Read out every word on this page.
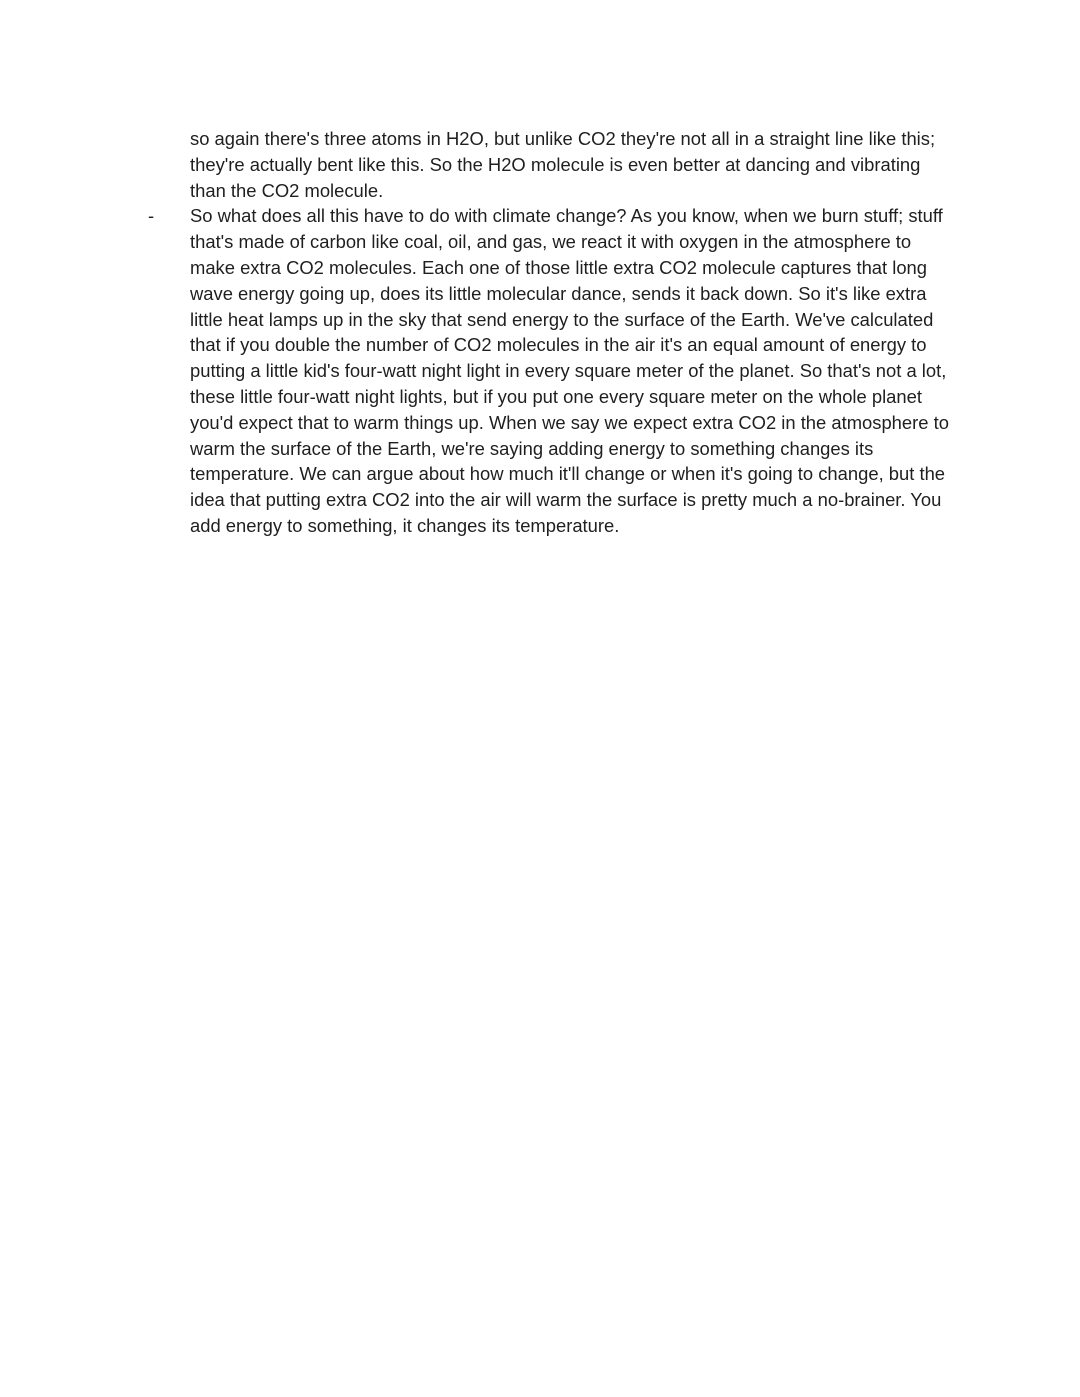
so again there's three atoms in H2O, but unlike CO2 they're not all in a straight line like this; they're actually bent like this. So the H2O molecule is even better at dancing and vibrating than the CO2 molecule.

-	So what does all this have to do with climate change? As you know, when we burn stuff; stuff that's made of carbon like coal, oil, and gas, we react it with oxygen in the atmosphere to make extra CO2 molecules. Each one of those little extra CO2 molecule captures that long wave energy going up, does its little molecular dance, sends it back down. So it's like extra little heat lamps up in the sky that send energy to the surface of the Earth. We've calculated that if you double the number of CO2 molecules in the air it's an equal amount of energy to putting a little kid's four-watt night light in every square meter of the planet. So that's not a lot, these little four-watt night lights, but if you put one every square meter on the whole planet you'd expect that to warm things up. When we say we expect extra CO2 in the atmosphere to warm the surface of the Earth, we're saying adding energy to something changes its temperature. We can argue about how much it'll change or when it's going to change, but the idea that putting extra CO2 into the air will warm the surface is pretty much a no-brainer. You add energy to something, it changes its temperature.
